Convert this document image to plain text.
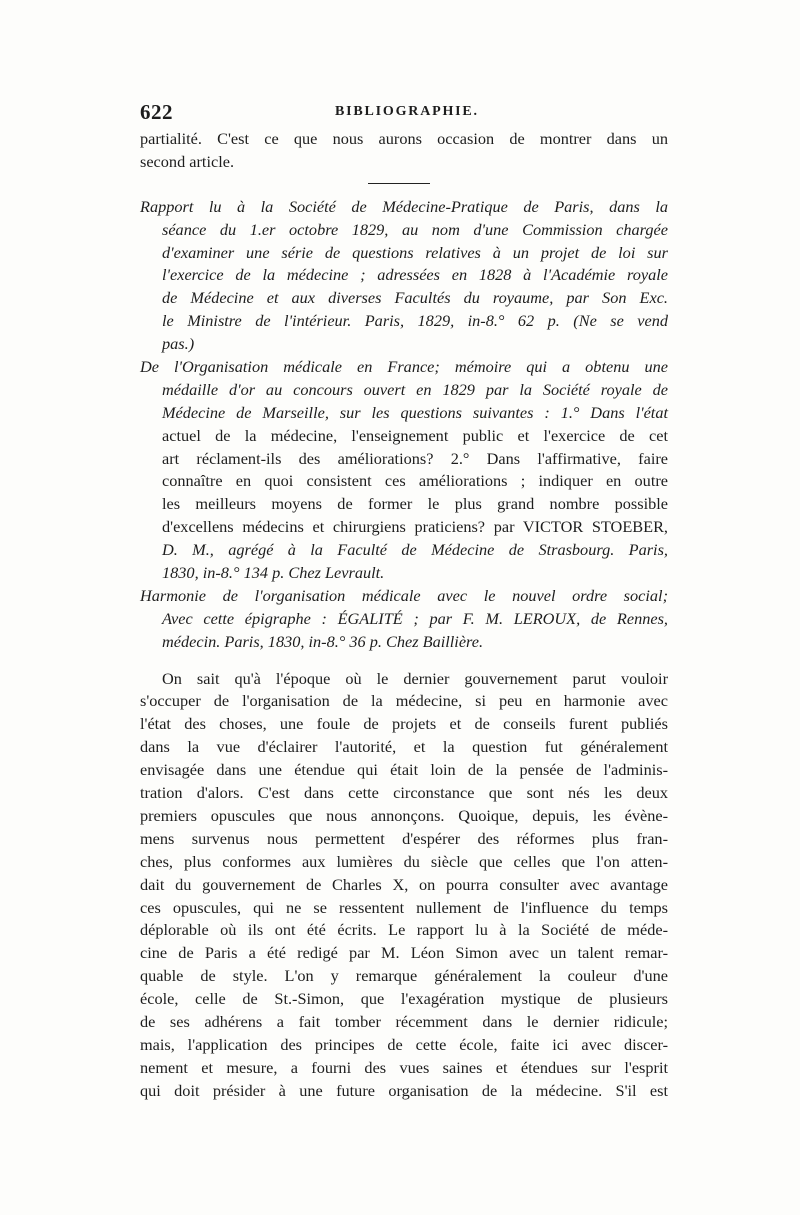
622	BIBLIOGRAPHIE.
partialité. C'est ce que nous aurons occasion de montrer dans un
second article.
Rapport lu à la Société de Médecine-Pratique de Paris, dans la
séance du 1.er octobre 1829, au nom d'une Commission chargée
d'examiner une série de questions relatives à un projet de loi sur
l'exercice de la médecine ; adressées en 1828 à l'Académie royale
de Médecine et aux diverses Facultés du royaume, par Son Exc.
le Ministre de l'intérieur. Paris, 1829, in-8.° 62 p. (Ne se vend
pas.)
De l'Organisation médicale en France; mémoire qui a obtenu une
médaille d'or au concours ouvert en 1829 par la Société royale de
Médecine de Marseille, sur les questions suivantes : 1.° Dans l'état
actuel de la médecine, l'enseignement public et l'exercice de cet
art réclament-ils des améliorations? 2.° Dans l'affirmative, faire
connaître en quoi consistent ces améliorations ; indiquer en outre
les meilleurs moyens de former le plus grand nombre possible
d'excellens médecins et chirurgiens praticiens? par VICTOR STOEBER,
D. M., agrégé à la Faculté de Médecine de Strasbourg. Paris,
1830, in-8.° 134 p. Chez Levrault.
Harmonie de l'organisation médicale avec le nouvel ordre social;
Avec cette épigraphe : ÉGALITÉ ; par F. M. LEROUX, de Rennes,
médecin. Paris, 1830, in-8.° 36 p. Chez Baillière.
On sait qu'à l'époque où le dernier gouvernement parut vouloir
s'occuper de l'organisation de la médecine, si peu en harmonie avec
l'état des choses, une foule de projets et de conseils furent publiés
dans la vue d'éclairer l'autorité, et la question fut généralement
envisagée dans une étendue qui était loin de la pensée de l'adminis-
tration d'alors. C'est dans cette circonstance que sont nés les deux
premiers opuscules que nous annonçons. Quoique, depuis, les évène-
mens survenus nous permettent d'espérer des réformes plus fran-
ches, plus conformes aux lumières du siècle que celles que l'on atten-
dait du gouvernement de Charles X, on pourra consulter avec avantage
ces opuscules, qui ne se ressentent nullement de l'influence du temps
déplorable où ils ont été écrits. Le rapport lu à la Société de méde-
cine de Paris a été redigé par M. Léon Simon avec un talent remar-
quable de style. L'on y remarque généralement la couleur d'une
école, celle de St.-Simon, que l'exagération mystique de plusieurs
de ses adhérens a fait tomber récemment dans le dernier ridicule;
mais, l'application des principes de cette école, faite ici avec discer-
nement et mesure, a fourni des vues saines et étendues sur l'esprit
qui doit présider à une future organisation de la médecine. S'il est
